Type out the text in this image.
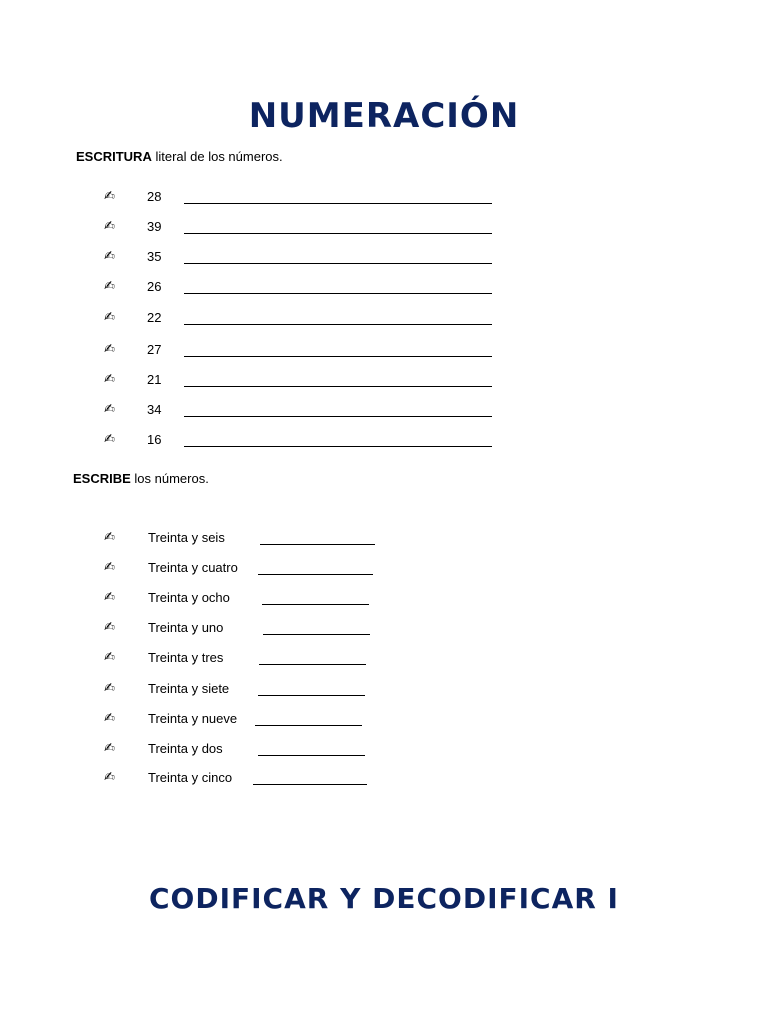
NUMERACIÓN

ESCRITURA literal de los números.

✍ 28
✍ 39
✍ 35
✍ 26
✍ 22
✍ 27
✍ 21
✍ 34
✍ 16

ESCRIBE los números.

✍	Treinta y seis
✍	Treinta y cuatro
✍	Treinta y ocho
✍	Treinta y uno
✍	Treinta y tres
✍	Treinta y siete
✍	Treinta y nueve
✍	Treinta y dos
✍	Treinta y cinco
CODIFICAR Y DECODIFICAR I
